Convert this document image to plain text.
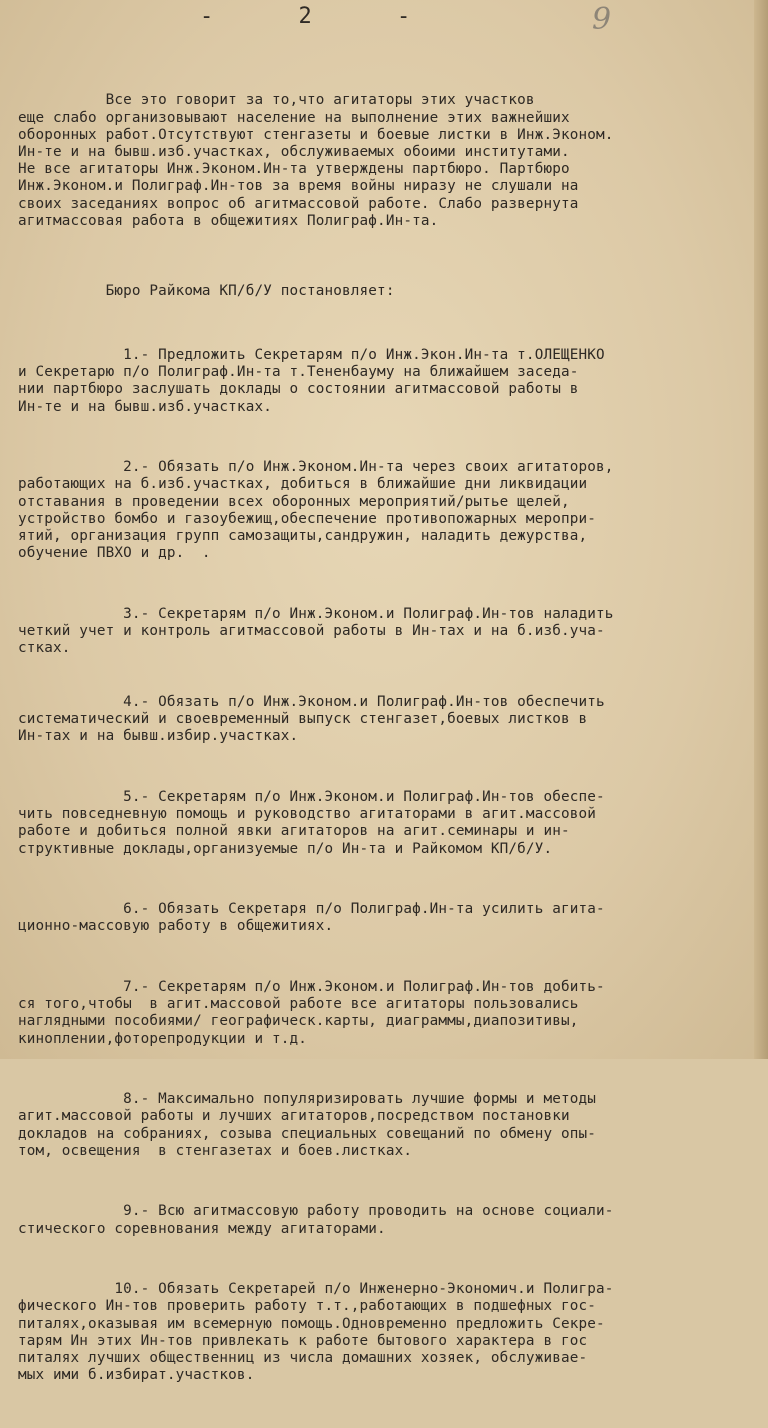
- 2 -	9

Все это говорит за то,что агитаторы этих участков
еще слабо организовывают население на выполнение этих важнейших
оборонных работ.Отсутствуют стенгазеты и боевые листки в Инж.Эконом.
Ин-те и на бывш.изб.участках, обслуживаемых обоими институтами.
Не все агитаторы Инж.Эконом.Ин-та утверждены партбюро. Партбюро
Инж.Эконом.и Полиграф.Ин-тов за время войны ниразу не слушали на
своих заседаниях вопрос об агитмассовой работе. Слабо развернута
агитмассовая работа в общежитиях Полиграф.Ин-та.

Бюро Райкома КП/б/У постановляет:

1.- Предложить Секретарям п/о Инж.Экон.Ин-та т.ОЛЕЩЕНКО
и Секретарю п/о Полиграф.Ин-та т.Тененбауму на ближайшем заседа-
нии партбюро заслушать доклады о состоянии агитмассовой работы в
Ин-те и на бывш.изб.участках.

2.- Обязать п/о Инж.Эконом.Ин-та через своих агитаторов,
работающих на б.изб.участках, добиться в ближайшие дни ликвидации
отставания в проведении всех оборонных мероприятий/рытье щелей,
устройство бомбо и газоубежищ,обеспечение противопожарных меропри-
ятий, организация групп самозащиты,сандружин, наладить дежурства,
обучение ПВХО и др.  .

3.- Секретарям п/о Инж.Эконом.и Полиграф.Ин-тов наладить
четкий учет и контроль агитмассовой работы в Ин-тах и на б.изб.уча-
стках.

4.- Обязать п/о Инж.Эконом.и Полиграф.Ин-тов обеспечить
систематический и своевременный выпуск стенгазет,боевых листков в
Ин-тах и на бывш.избир.участках.

5.- Секретарям п/о Инж.Эконом.и Полиграф.Ин-тов обеспе-
чить повседневную помощь и руководство агитаторами в агит.массовой
работе и добиться полной явки агитаторов на агит.семинары и ин-
структивные доклады,организуемые п/о Ин-та и Райкомом КП/б/У.

6.- Обязать Секретаря п/о Полиграф.Ин-та усилить агита-
ционно-массовую работу в общежитиях.

7.- Секретарям п/о Инж.Эконом.и Полиграф.Ин-тов добить-
ся того,чтобы  в агит.массовой работе все агитаторы пользовались
наглядными пособиями/ географическ.карты, диаграммы,диапозитивы,
киноплении,фоторепродукции и т.д.

8.- Максимально популяризировать лучшие формы и методы
агит.массовой работы и лучших агитаторов,посредством постановки
докладов на собраниях, созыва специальных совещаний по обмену опы-
том, освещения  в стенгазетах и боев.листках.

9.- Всю агитмассовую работу проводить на основе социали-
стического соревнования между агитаторами.

10.- Обязать Секретарей п/о Инженерно-Экономич.и Полигра-
фического Ин-тов проверить работу т.т.,работающих в подшефных гос-
питалях,оказывая им всемерную помощь.Одновременно предложить Секре-
тарям Ин этих Ин-тов привлекать к работе бытового характера в гос
питалях лучших общественниц из числа домашних хозяек, обслуживае-
мых ими б.избират.участков.
